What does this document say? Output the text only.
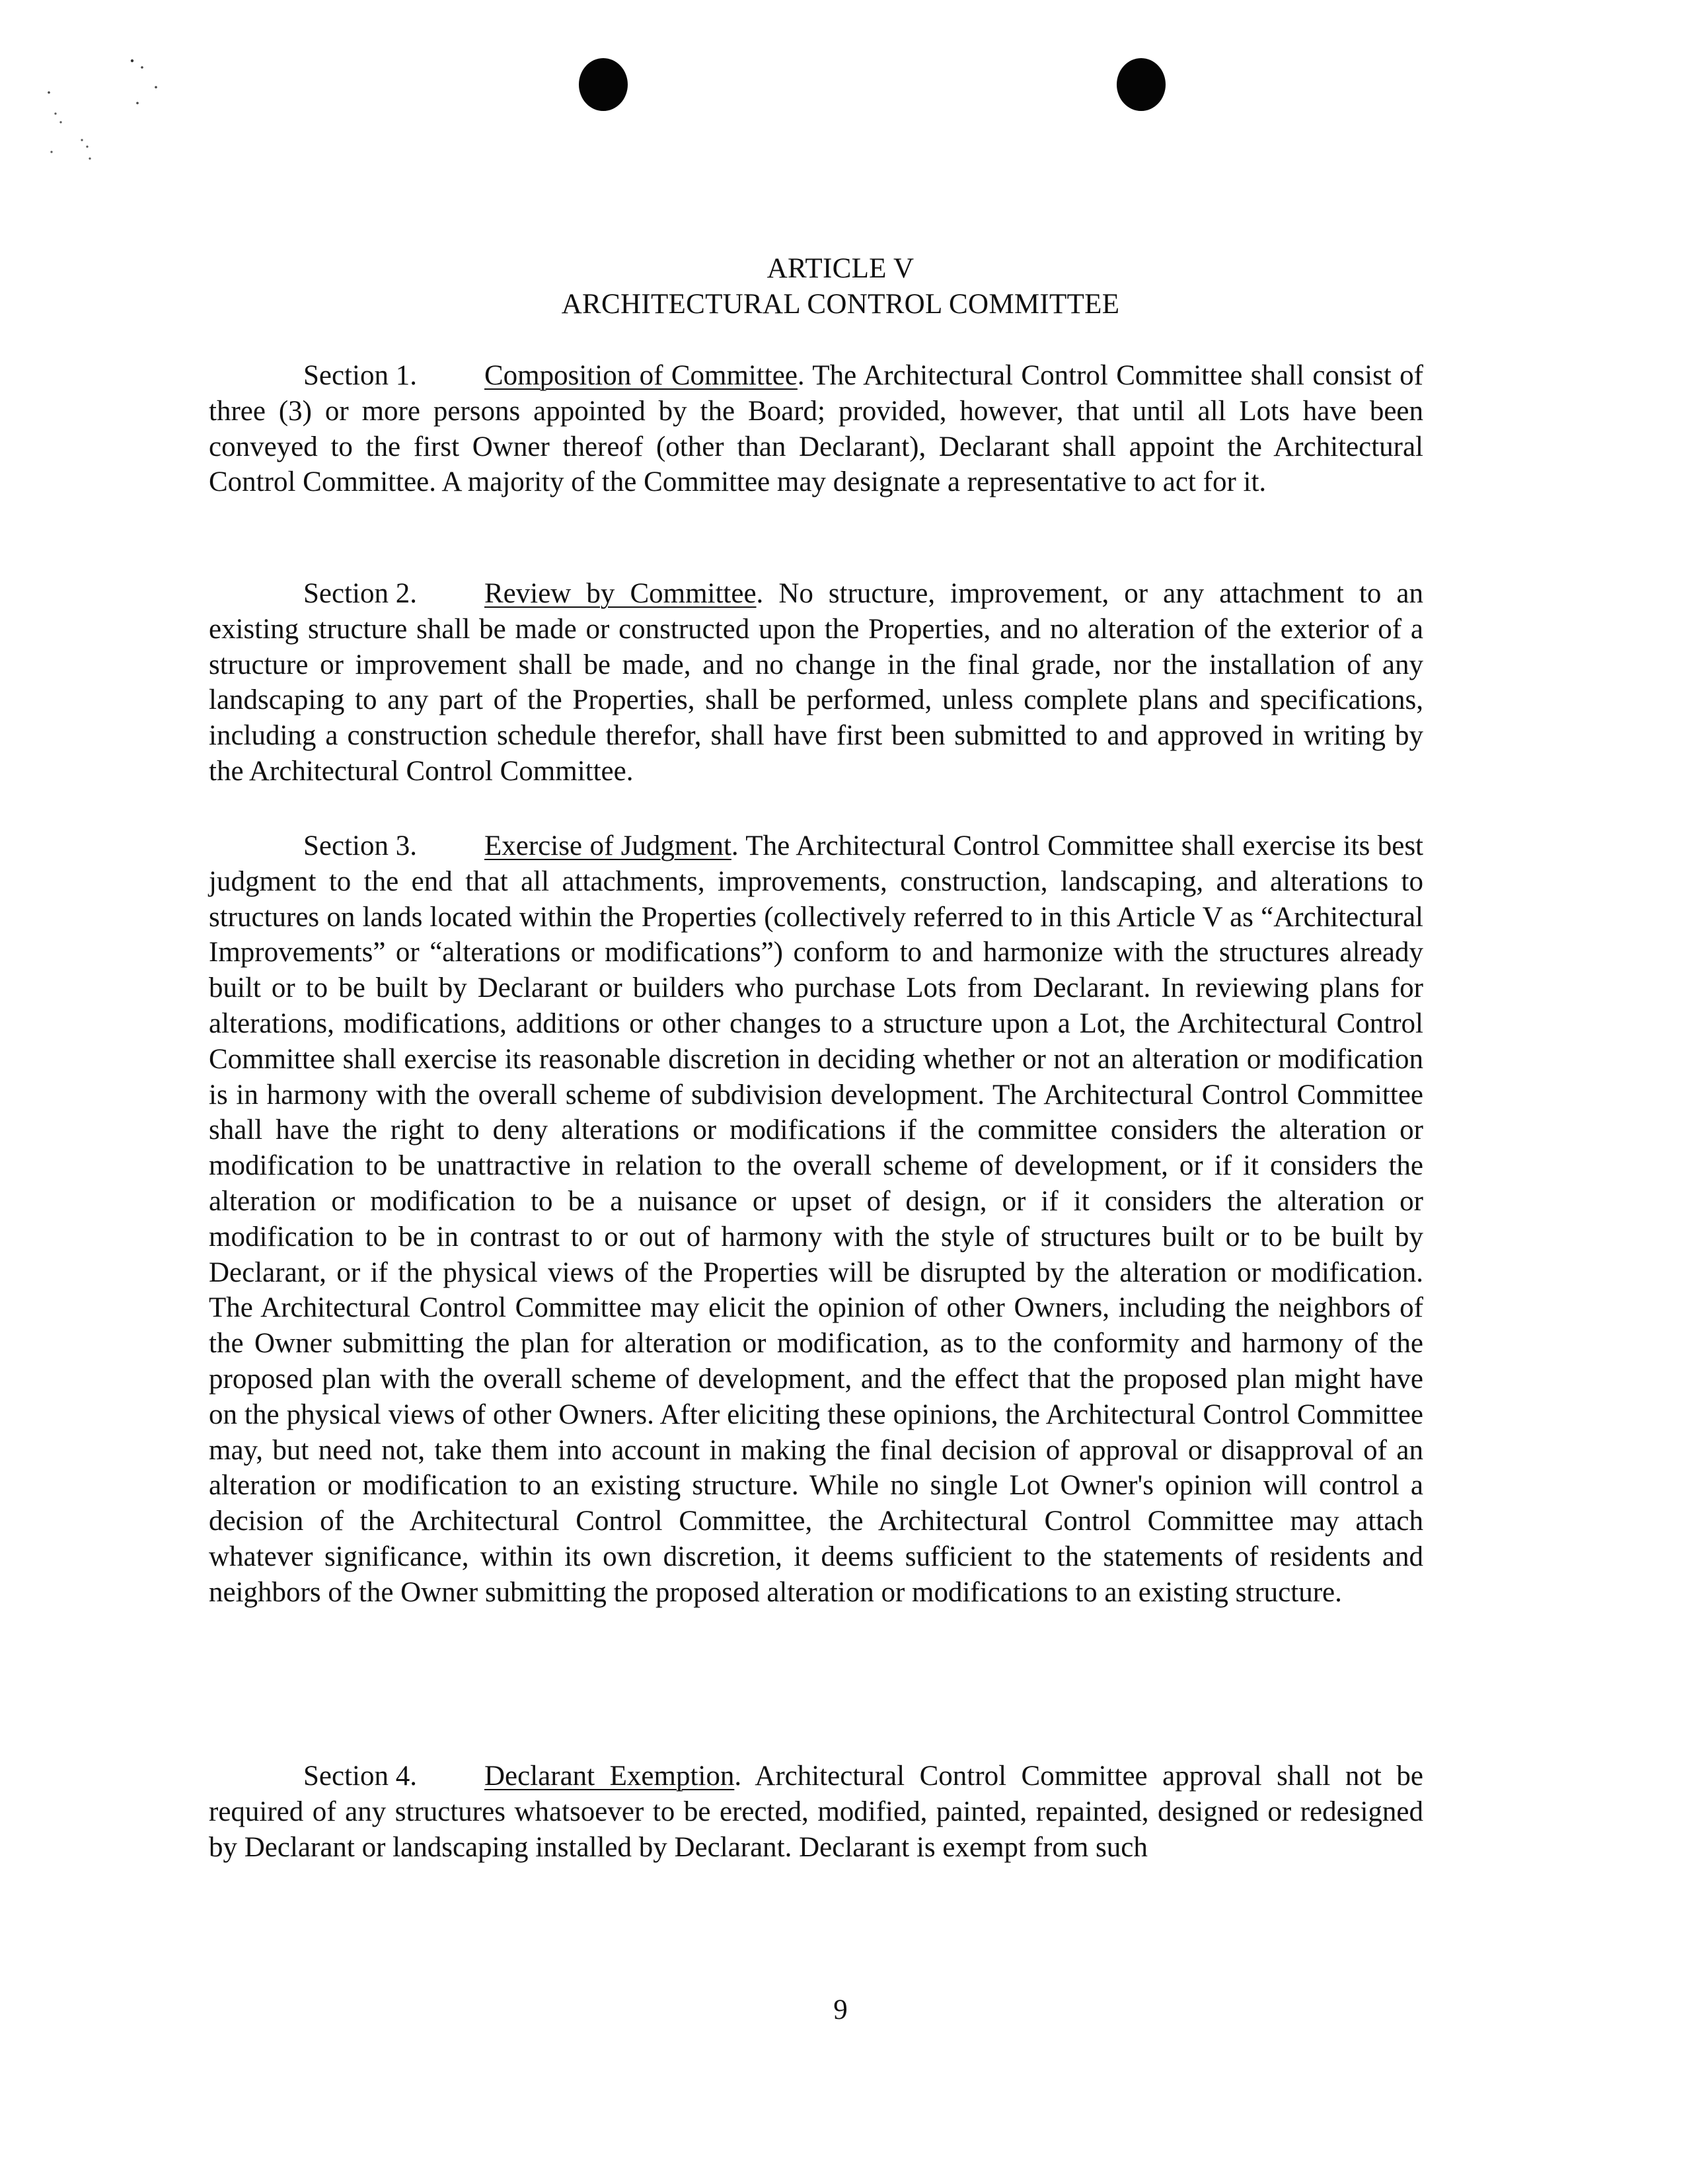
ARTICLE V
ARCHITECTURAL CONTROL COMMITTEE

Section 1. Composition of Committee. The Architectural Control Committee shall consist of three (3) or more persons appointed by the Board; provided, however, that until all Lots have been conveyed to the first Owner thereof (other than Declarant), Declarant shall appoint the Architectural Control Committee. A majority of the Committee may designate a representative to act for it.

Section 2. Review by Committee. No structure, improvement, or any attachment to an existing structure shall be made or constructed upon the Properties, and no alteration of the exterior of a structure or improvement shall be made, and no change in the final grade, nor the installation of any landscaping to any part of the Properties, shall be performed, unless complete plans and specifications, including a construction schedule therefor, shall have first been submitted to and approved in writing by the Architectural Control Committee.

Section 3. Exercise of Judgment. The Architectural Control Committee shall exercise its best judgment to the end that all attachments, improvements, construction, landscaping, and alterations to structures on lands located within the Properties (collectively referred to in this Article V as “Architectural Improvements” or “alterations or modifications”) conform to and harmonize with the structures already built or to be built by Declarant or builders who purchase Lots from Declarant. In reviewing plans for alterations, modifications, additions or other changes to a structure upon a Lot, the Architectural Control Committee shall exercise its reasonable discretion in deciding whether or not an alteration or modification is in harmony with the overall scheme of subdivision development. The Architectural Control Committee shall have the right to deny alterations or modifications if the committee considers the alteration or modification to be unattractive in relation to the overall scheme of development, or if it considers the alteration or modification to be a nuisance or upset of design, or if it considers the alteration or modification to be in contrast to or out of harmony with the style of structures built or to be built by Declarant, or if the physical views of the Properties will be disrupted by the alteration or modification. The Architectural Control Committee may elicit the opinion of other Owners, including the neighbors of the Owner submitting the plan for alteration or modification, as to the conformity and harmony of the proposed plan with the overall scheme of development, and the effect that the proposed plan might have on the physical views of other Owners. After eliciting these opinions, the Architectural Control Committee may, but need not, take them into account in making the final decision of approval or disapproval of an alteration or modification to an existing structure. While no single Lot Owner's opinion will control a decision of the Architectural Control Committee, the Architectural Control Committee may attach whatever significance, within its own discretion, it deems sufficient to the statements of residents and neighbors of the Owner submitting the proposed alteration or modifications to an existing structure.

Section 4. Declarant Exemption. Architectural Control Committee approval shall not be required of any structures whatsoever to be erected, modified, painted, repainted, designed or redesigned by Declarant or landscaping installed by Declarant. Declarant is exempt from such

9
